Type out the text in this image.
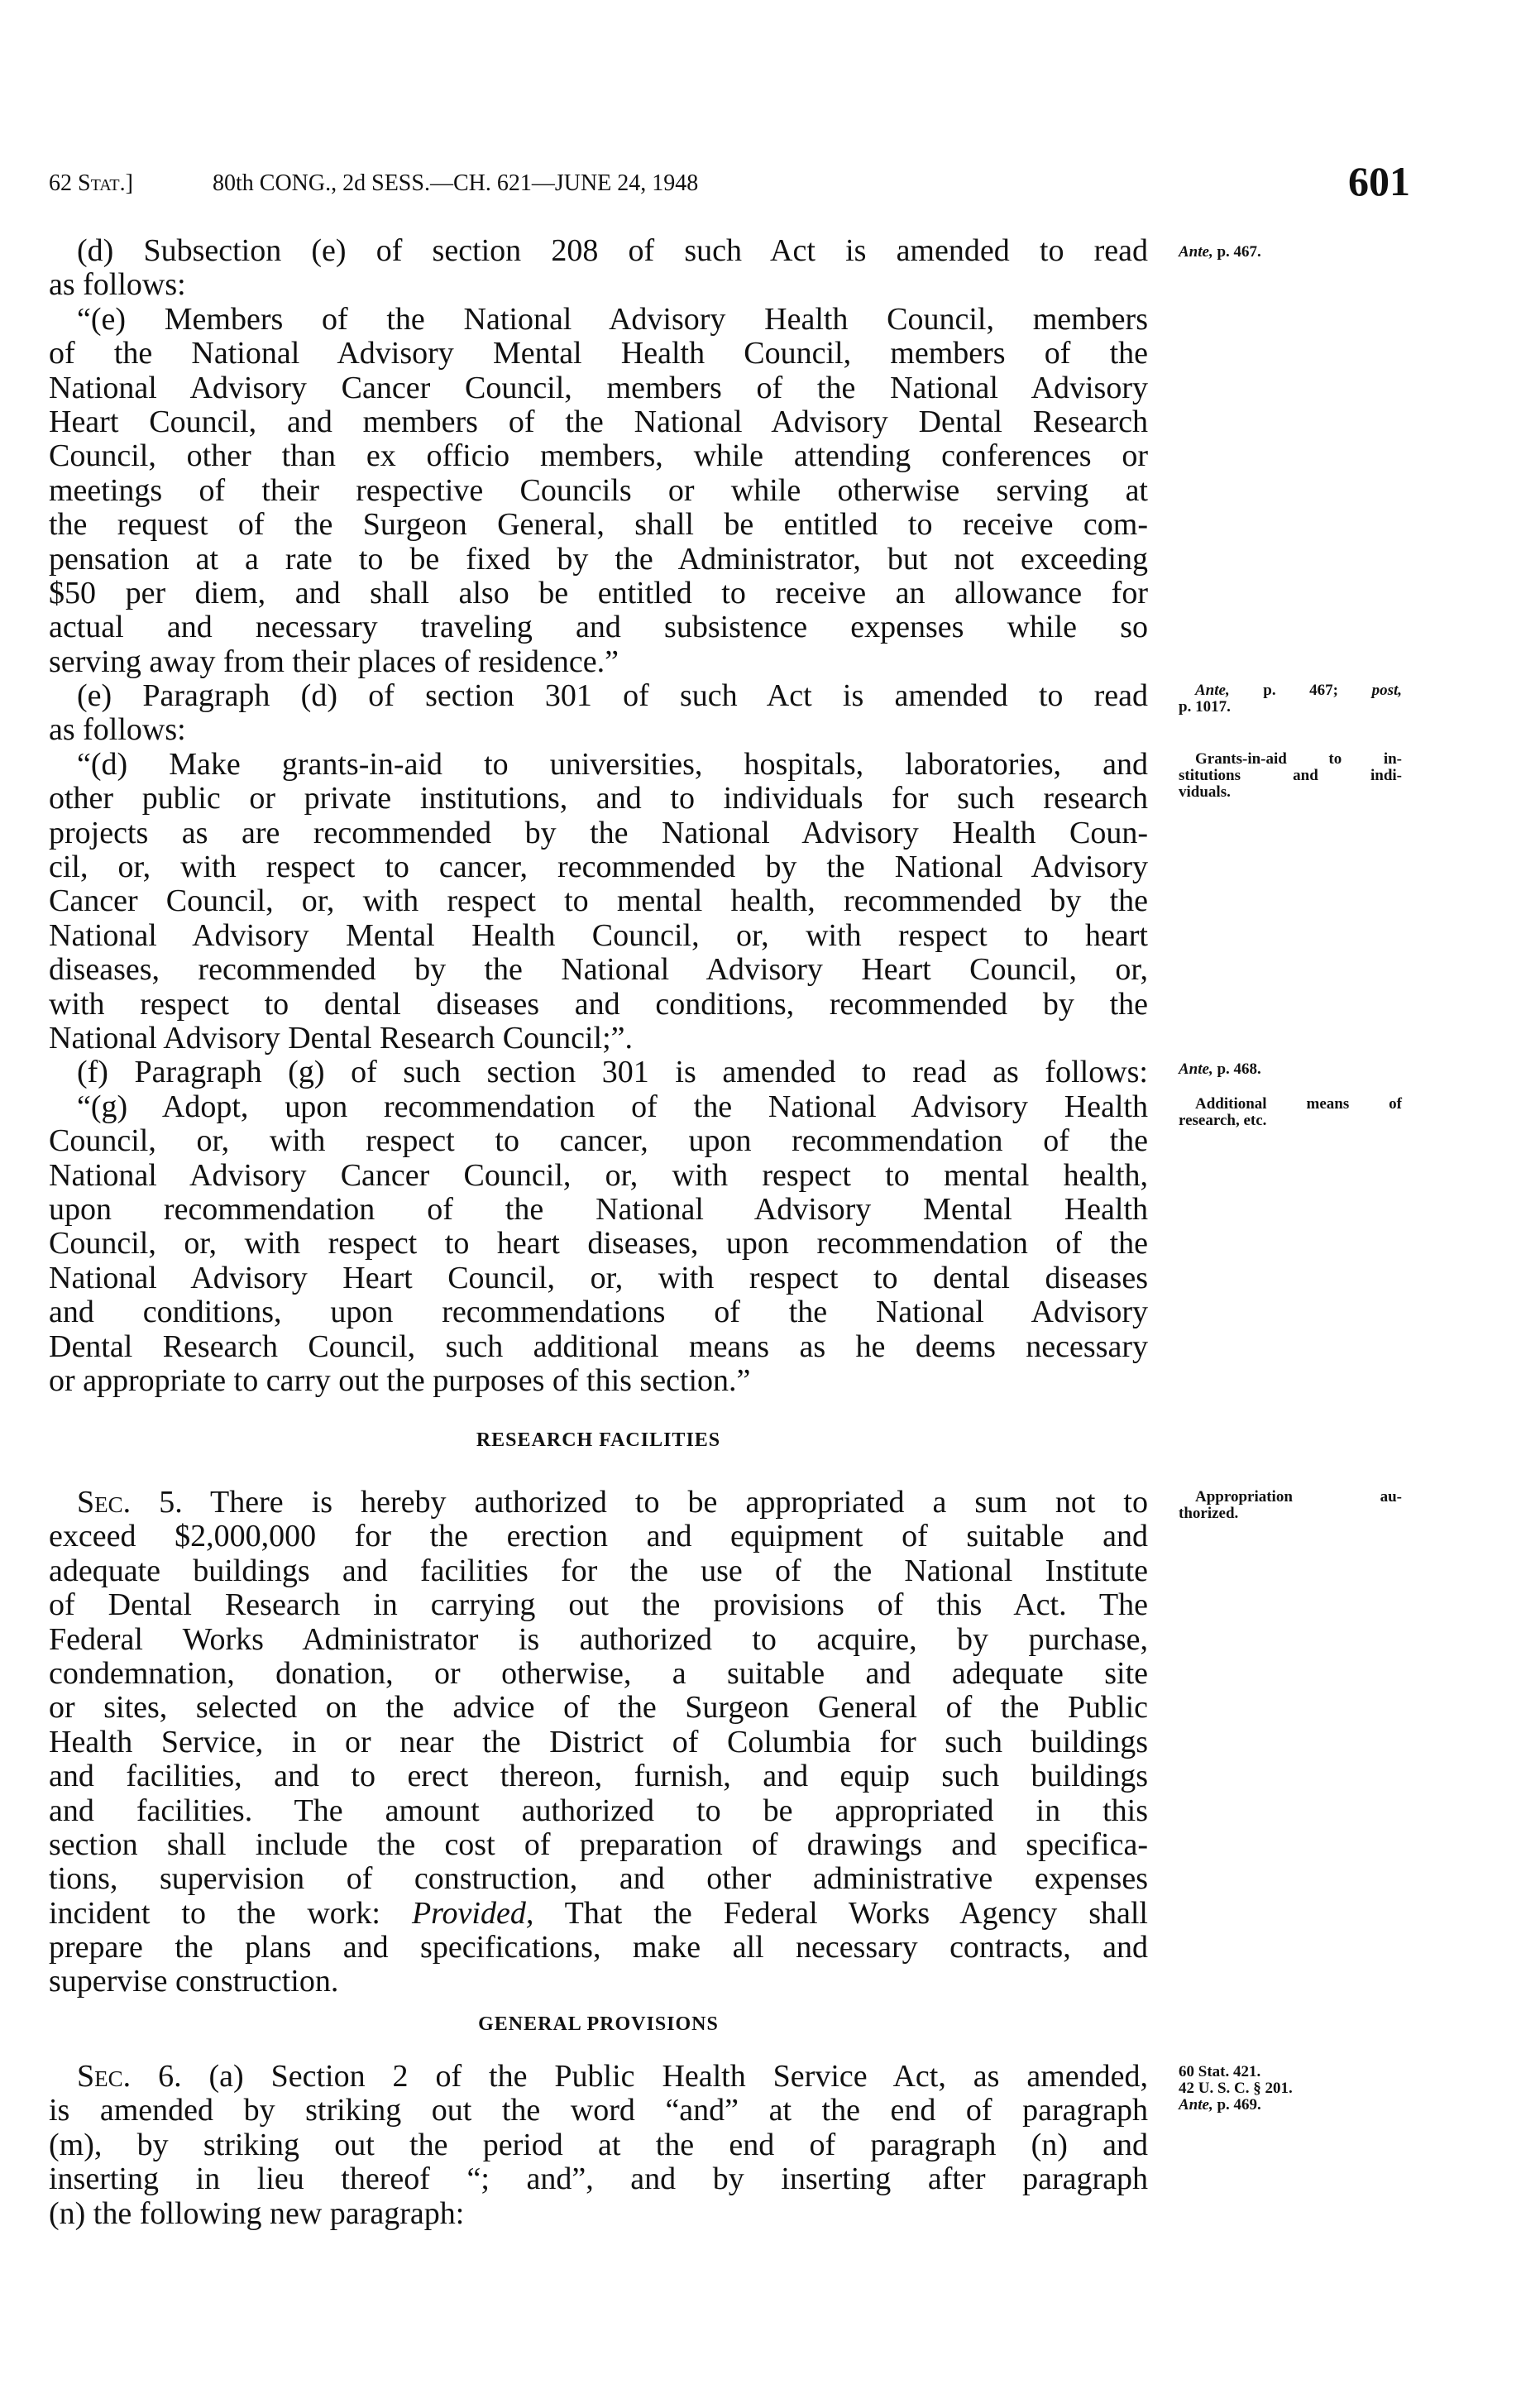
62 Stat.]	80th CONG., 2d SESS.—CH. 621—JUNE 24, 1948	601
(d) Subsection (e) of section 208 of such Act is amended to read
as follows:
“(e) Members of the National Advisory Health Council, members
of the National Advisory Mental Health Council, members of the
National Advisory Cancer Council, members of the National Advisory
Heart Council, and members of the National Advisory Dental Research
Council, other than ex officio members, while attending conferences or
meetings of their respective Councils or while otherwise serving at
the request of the Surgeon General, shall be entitled to receive com-
pensation at a rate to be fixed by the Administrator, but not exceeding
$50 per diem, and shall also be entitled to receive an allowance for
actual and necessary traveling and subsistence expenses while so
serving away from their places of residence.”
(e) Paragraph (d) of section 301 of such Act is amended to read
as follows:
“(d) Make grants-in-aid to universities, hospitals, laboratories, and
other public or private institutions, and to individuals for such research
projects as are recommended by the National Advisory Health Coun-
cil, or, with respect to cancer, recommended by the National Advisory
Cancer Council, or, with respect to mental health, recommended by the
National Advisory Mental Health Council, or, with respect to heart
diseases, recommended by the National Advisory Heart Council, or,
with respect to dental diseases and conditions, recommended by the
National Advisory Dental Research Council;”.
(f) Paragraph (g) of such section 301 is amended to read as follows:
“(g) Adopt, upon recommendation of the National Advisory Health
Council, or, with respect to cancer, upon recommendation of the
National Advisory Cancer Council, or, with respect to mental health,
upon recommendation of the National Advisory Mental Health
Council, or, with respect to heart diseases, upon recommendation of the
National Advisory Heart Council, or, with respect to dental diseases
and conditions, upon recommendations of the National Advisory
Dental Research Council, such additional means as he deems necessary
or appropriate to carry out the purposes of this section.”
RESEARCH FACILITIES
Sec. 5. There is hereby authorized to be appropriated a sum not to
exceed $2,000,000 for the erection and equipment of suitable and
adequate buildings and facilities for the use of the National Institute
of Dental Research in carrying out the provisions of this Act. The
Federal Works Administrator is authorized to acquire, by purchase,
condemnation, donation, or otherwise, a suitable and adequate site
or sites, selected on the advice of the Surgeon General of the Public
Health Service, in or near the District of Columbia for such buildings
and facilities, and to erect thereon, furnish, and equip such buildings
and facilities. The amount authorized to be appropriated in this
section shall include the cost of preparation of drawings and specifica-
tions, supervision of construction, and other administrative expenses
incident to the work: Provided, That the Federal Works Agency shall
prepare the plans and specifications, make all necessary contracts, and
supervise construction.
GENERAL PROVISIONS
Sec. 6. (a) Section 2 of the Public Health Service Act, as amended,
is amended by striking out the word “and” at the end of paragraph
(m), by striking out the period at the end of paragraph (n) and
inserting in lieu thereof “; and”, and by inserting after paragraph
(n) the following new paragraph:
Ante, p. 467.
Ante, p. 467; post,
p. 1017.
Grants-in-aid to in-
stitutions and indi-
viduals.
Ante, p. 468.
Additional means of
research, etc.
Appropriation au-
thorized.
60 Stat. 421.
42 U. S. C. § 201.
Ante, p. 469.
